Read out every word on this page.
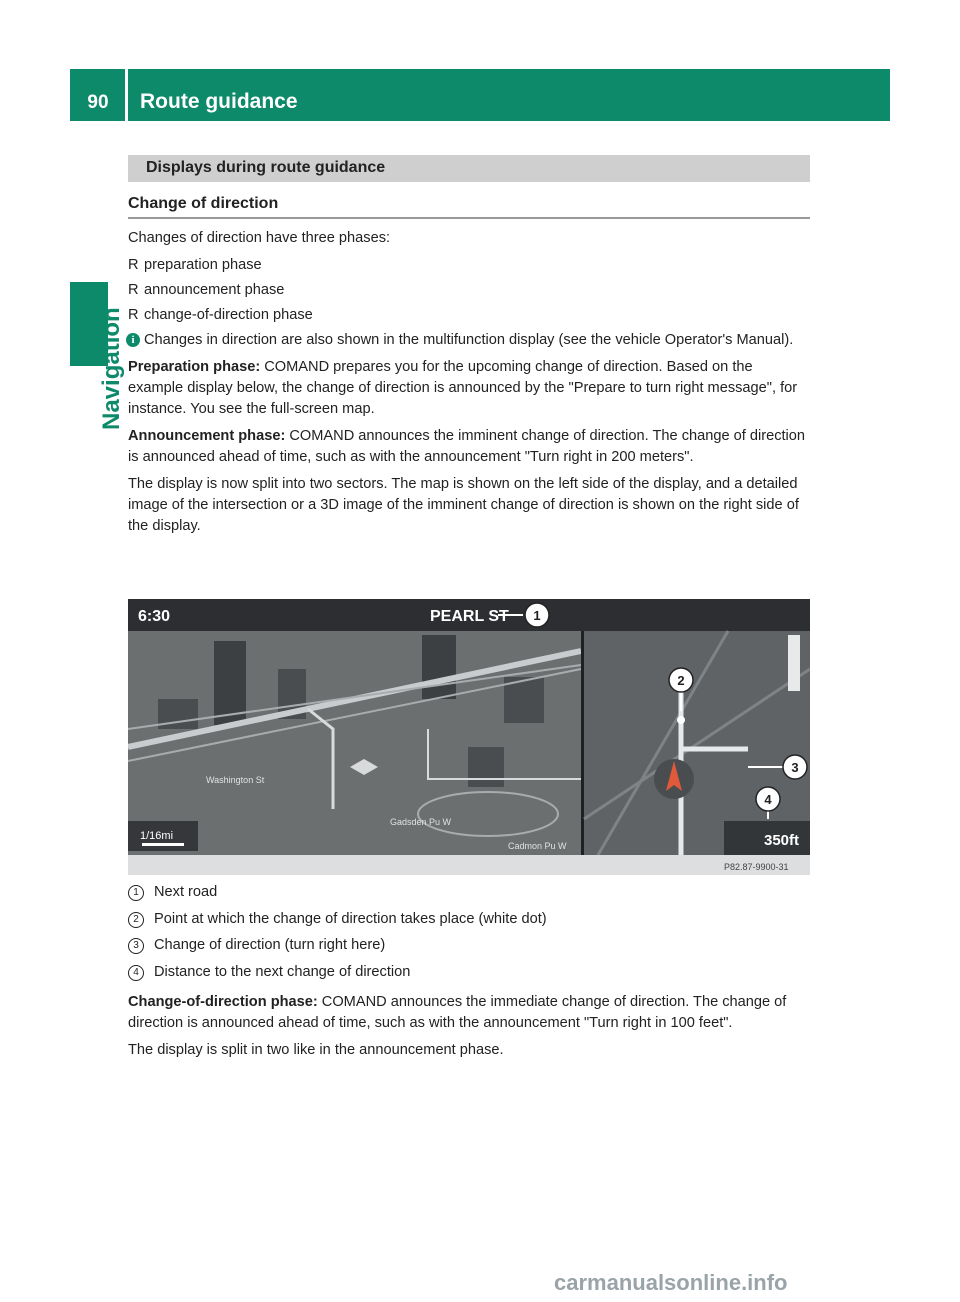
90	Route guidance
Navigation
Displays during route guidance
Change of direction

Changes of direction have three phases:

R preparation phase
R announcement phase
R change-of-direction phase

i Changes in direction are also shown in the multifunction display (see the vehicle Operator's Manual).

Preparation phase: COMAND prepares you for the upcoming change of direction. Based on the example display below, the change of direction is announced by the "Prepare to turn right message", for instance. You see the full-screen map.

Announcement phase: COMAND announces the imminent change of direction. The change of direction is announced ahead of time, such as with the announcement "Turn right in 200 meters".

The display is now split into two sectors. The map is shown on the left side of the display, and a detailed image of the intersection or a 3D image of the imminent change of direction is shown on the right side of the display.

6:30	PEARL ST
1/16mi	350ft
P82.87-9900-31
Washington St
Gadsden Pu W
Cadmon Pu W
1
2
3
4
1	Next road
2	Point at which the change of direction takes place (white dot)
3	Change of direction (turn right here)
4	Distance to the next change of direction

Change-of-direction phase: COMAND announces the immediate change of direction. The change of direction is announced ahead of time, such as with the announcement "Turn right in 100 feet".

The display is split in two like in the announcement phase.

carmanualsonline.info
